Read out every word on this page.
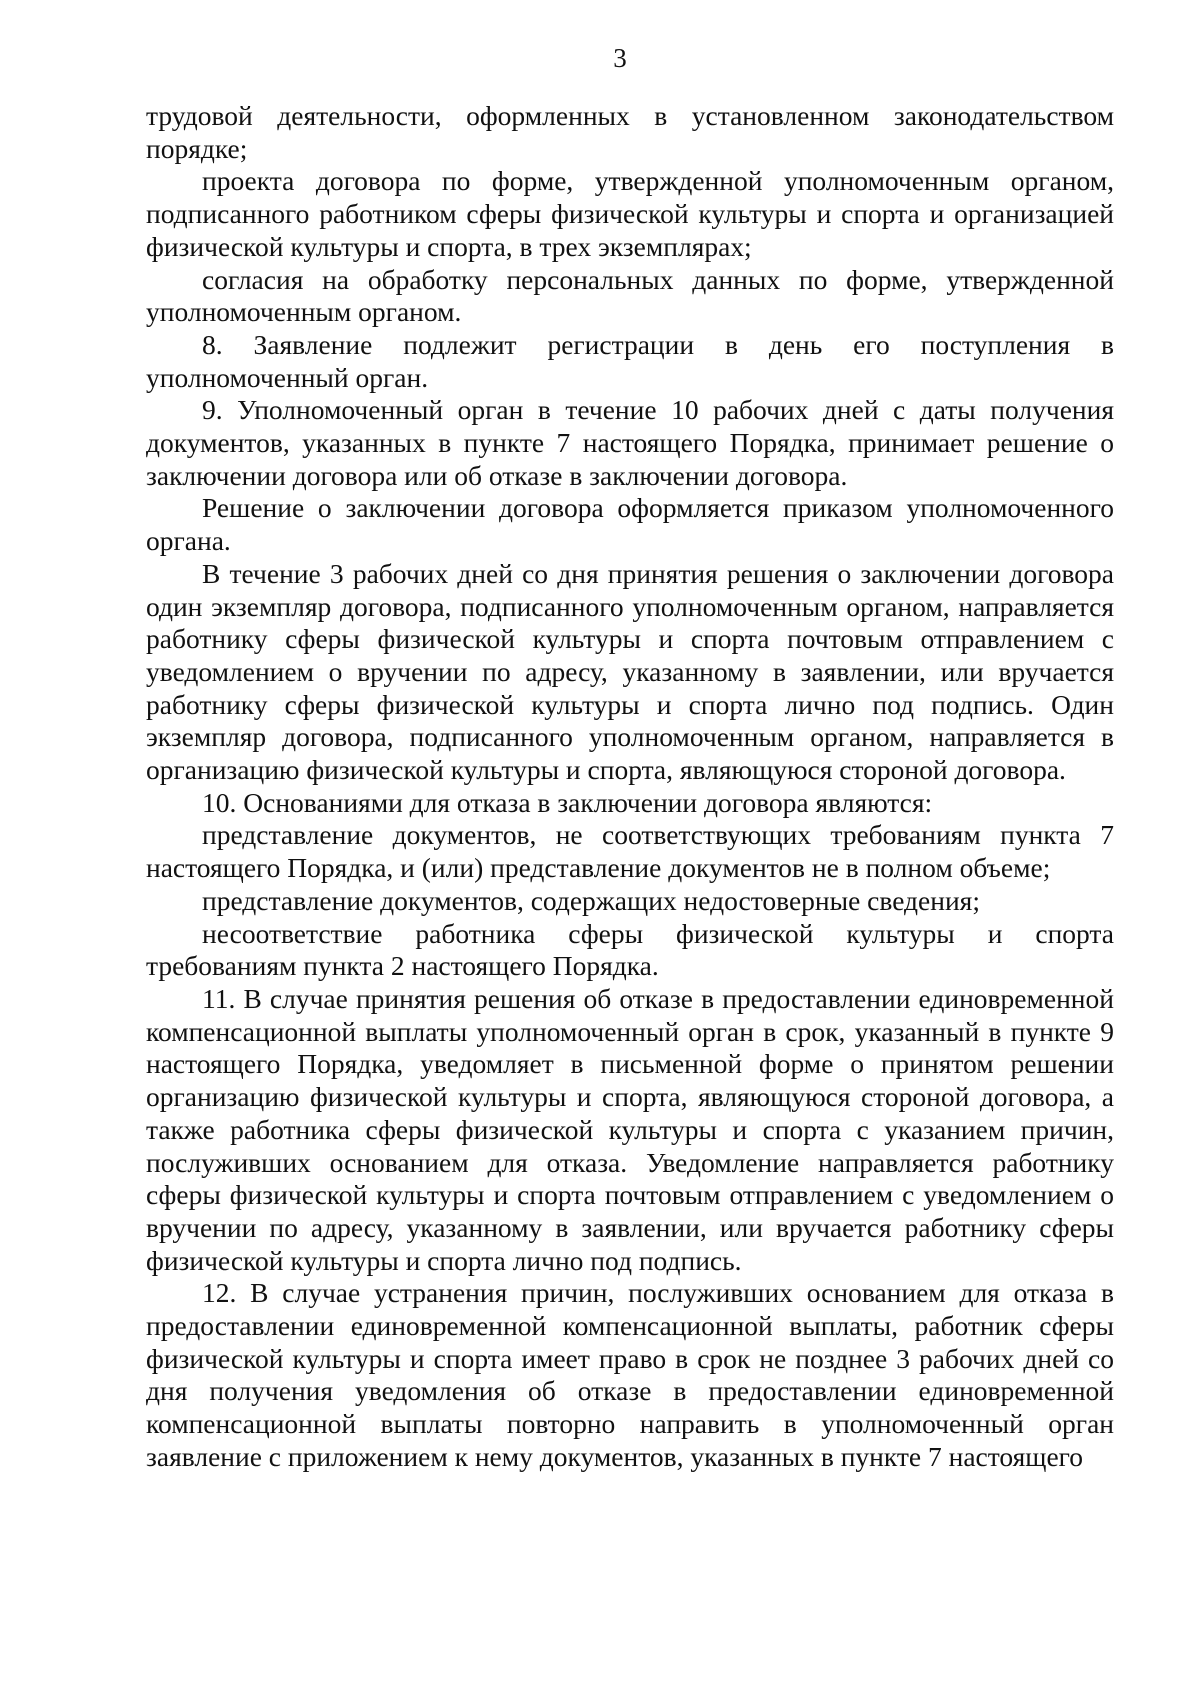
3

трудовой деятельности, оформленных в установленном законодательством порядке;

проекта договора по форме, утвержденной уполномоченным органом, подписанного работником сферы физической культуры и спорта и организацией физической культуры и спорта, в трех экземплярах;

согласия на обработку персональных данных по форме, утвержденной уполномоченным органом.

8. Заявление подлежит регистрации в день его поступления в уполномоченный орган.

9. Уполномоченный орган в течение 10 рабочих дней с даты получения документов, указанных в пункте 7 настоящего Порядка, принимает решение о заключении договора или об отказе в заключении договора.

Решение о заключении договора оформляется приказом уполномоченного органа.

В течение 3 рабочих дней со дня принятия решения о заключении договора один экземпляр договора, подписанного уполномоченным органом, направляется работнику сферы физической культуры и спорта почтовым отправлением с уведомлением о вручении по адресу, указанному в заявлении, или вручается работнику сферы физической культуры и спорта лично под подпись. Один экземпляр договора, подписанного уполномоченным органом, направляется в организацию физической культуры и спорта, являющуюся стороной договора.

10. Основаниями для отказа в заключении договора являются:

представление документов, не соответствующих требованиям пункта 7 настоящего Порядка, и (или) представление документов не в полном объеме;

представление документов, содержащих недостоверные сведения;

несоответствие работника сферы физической культуры и спорта требованиям пункта 2 настоящего Порядка.

11. В случае принятия решения об отказе в предоставлении единовременной компенсационной выплаты уполномоченный орган в срок, указанный в пункте 9 настоящего Порядка, уведомляет в письменной форме о принятом решении организацию физической культуры и спорта, являющуюся стороной договора, а также работника сферы физической культуры и спорта с указанием причин, послуживших основанием для отказа. Уведомление направляется работнику сферы физической культуры и спорта почтовым отправлением с уведомлением о вручении по адресу, указанному в заявлении, или вручается работнику сферы физической культуры и спорта лично под подпись.

12. В случае устранения причин, послуживших основанием для отказа в предоставлении единовременной компенсационной выплаты, работник сферы физической культуры и спорта имеет право в срок не позднее 3 рабочих дней со дня получения уведомления об отказе в предоставлении единовременной компенсационной выплаты повторно направить в уполномоченный орган заявление с приложением к нему документов, указанных в пункте 7 настоящего
